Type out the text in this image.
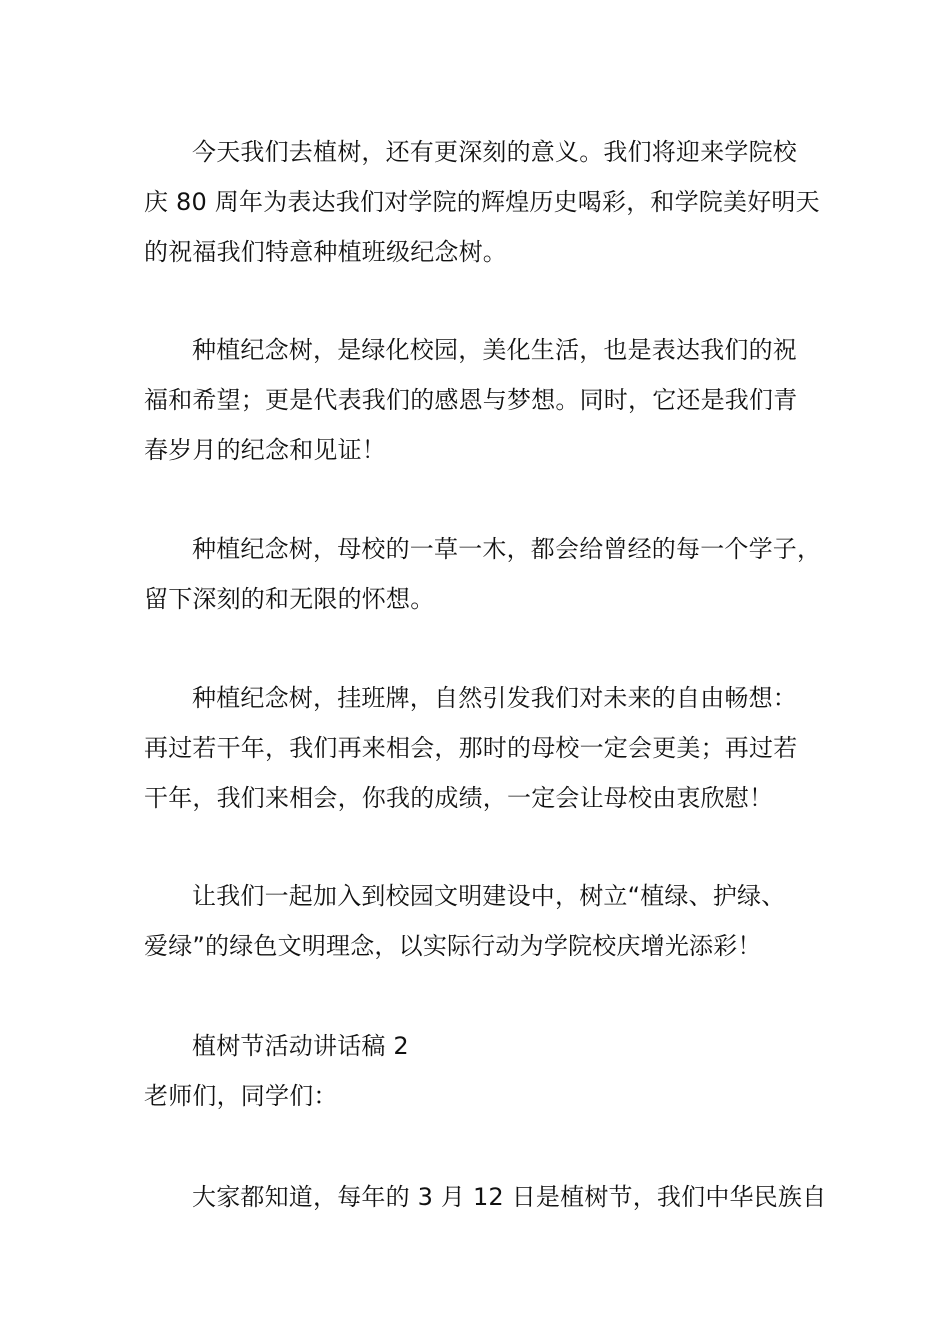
今天我们去植树，还有更深刻的意义。我们将迎来学院校
庆 80 周年为表达我们对学院的辉煌历史喝彩，和学院美好明天
的祝福我们特意种植班级纪念树。
种植纪念树，是绿化校园，美化生活，也是表达我们的祝
福和希望；更是代表我们的感恩与梦想。同时，它还是我们青
春岁月的纪念和见证！
种植纪念树，母校的一草一木，都会给曾经的每一个学子，
留下深刻的和无限的怀想。
种植纪念树，挂班牌，自然引发我们对未来的自由畅想：
再过若干年，我们再来相会，那时的母校一定会更美；再过若
干年，我们来相会，你我的成绩，一定会让母校由衷欣慰！
让我们一起加入到校园文明建设中，树立“植绿、护绿、
爱绿”的绿色文明理念，以实际行动为学院校庆增光添彩！
植树节活动讲话稿 2
老师们，同学们：
大家都知道，每年的 3 月 12 日是植树节，我们中华民族自
